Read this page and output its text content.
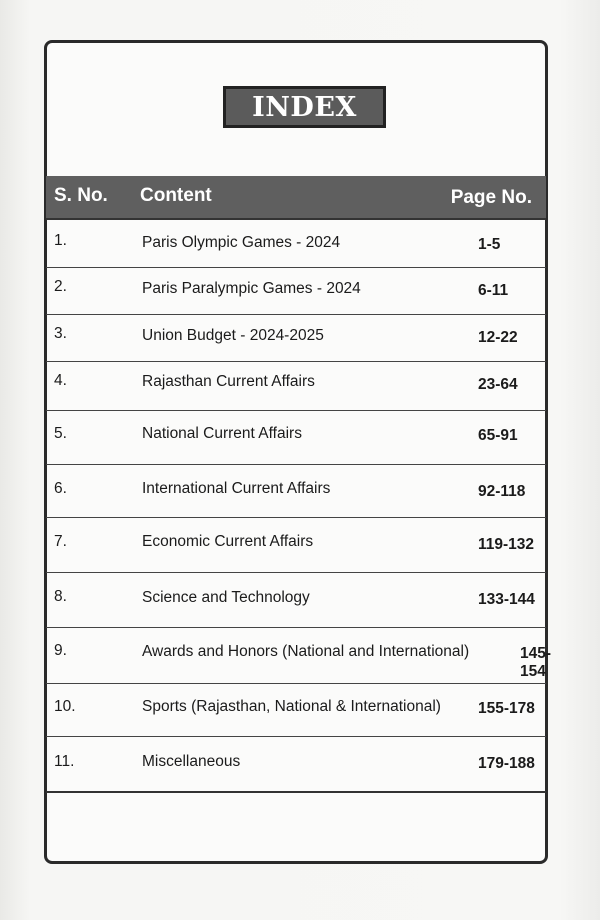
INDEX
S. No. Content	Page No.
1.	Paris Olympic Games - 2024	1-5
2.	Paris Paralympic Games - 2024	6-11
3.	Union Budget - 2024-2025	12-22
4.	Rajasthan Current Affairs	23-64
5.	National Current Affairs	65-91
6.	International Current Affairs	92-118
7.	Economic Current Affairs	119-132
8.	Science and Technology	133-144
9.	Awards and Honors (National and International)	145-154
10.	Sports (Rajasthan, National & International) 155-178
11.	Miscellaneous	179-188
